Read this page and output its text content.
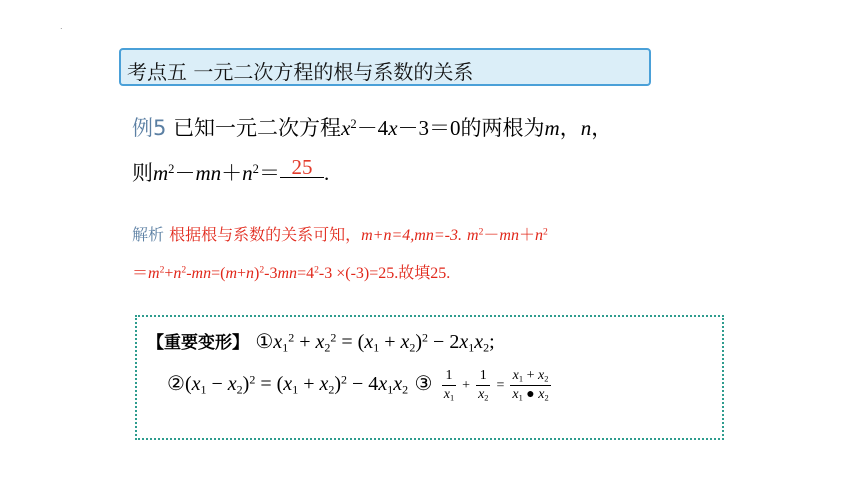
.
考点五 一元二次方程的根与系数的关系
例5 已知一元二次方程$x^2-4x-3=0$的两根为m，n，
则$m^2-mn+n^2= 25$ .
解析 根据根与系数的关系可知，m+n=4,mn=-3. $m^2-mn+n^2$
$=m^2+n^2-mn=(m+n)^2-3mn=4^2-3 \times(-3)=25$.故填25.
【重要变形】 $①x_1^2 + x_2^2 = (x_1 + x_2)^2 - 2x_1x_2$;
$②(x_1 - x_2)^2 = (x_1 + x_2)^2 - 4x_1x_2$ ③ $\frac{1}{x_1} + \frac{1}{x_2} = \frac{x_1 + x_2}{x_1 ● x_2}$
